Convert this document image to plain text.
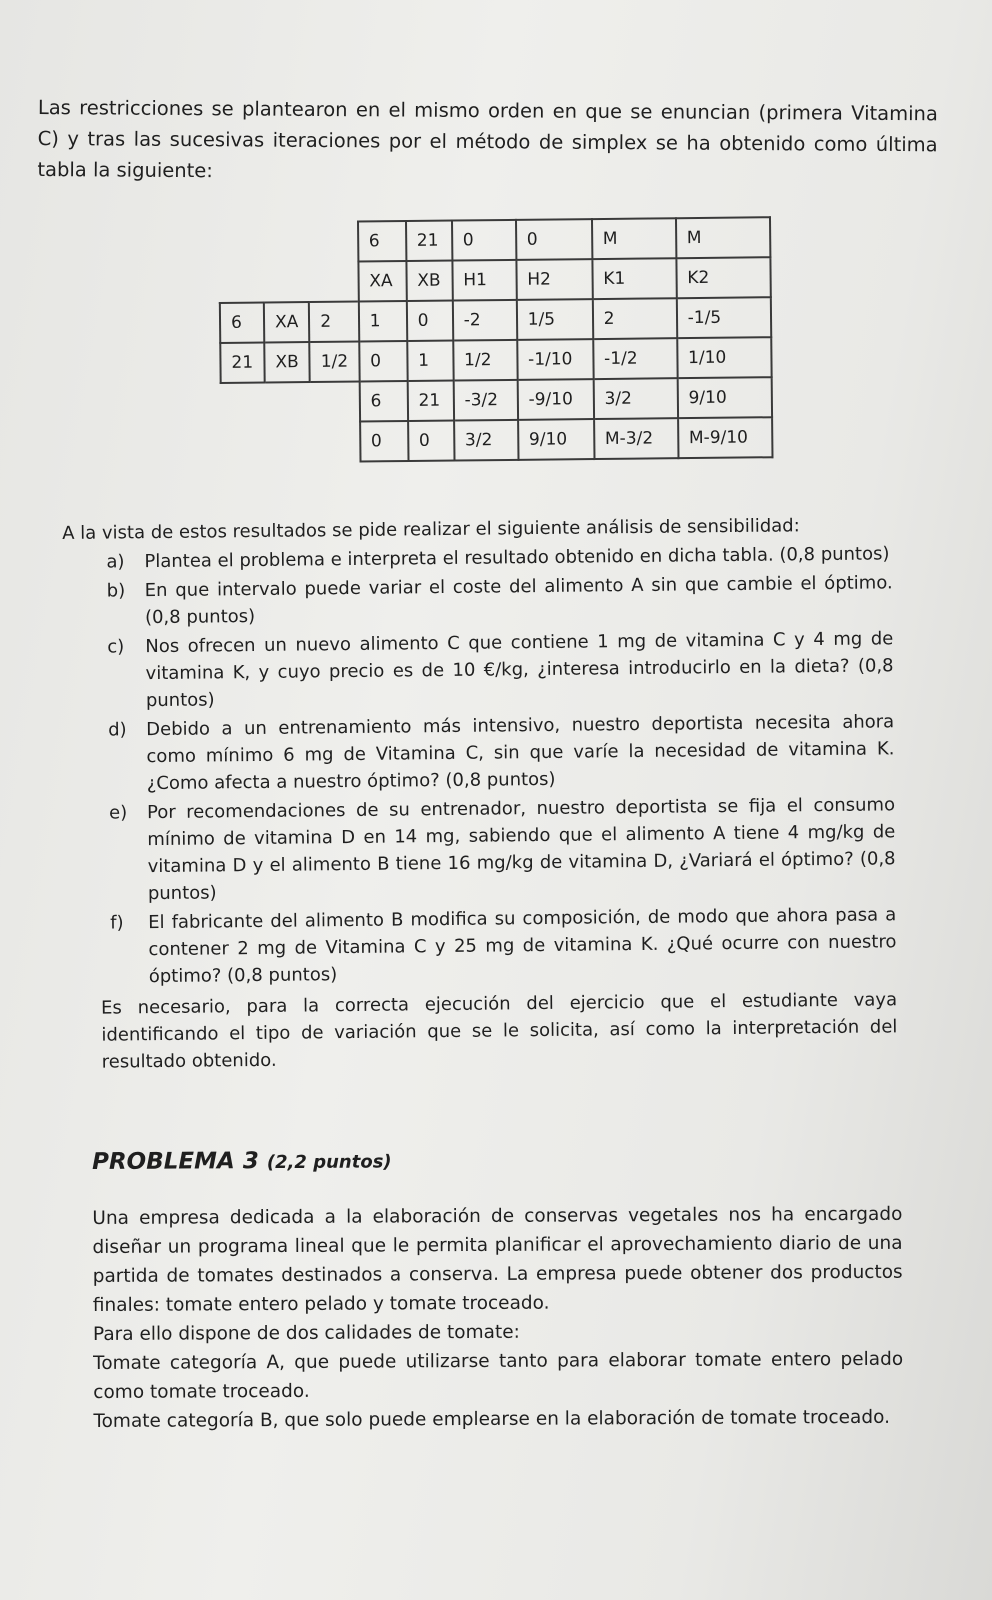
Las restricciones se plantearon en el mismo orden en que se enuncian (primera Vitamina C) y tras las sucesivas iteraciones por el método de simplex se ha obtenido como última tabla la siguiente:

			6	21	0	0	M	M
			XA	XB	H1	H2	K1	K2
6	XA	2	1	0	-2	1/5	2	-1/5
21	XB	1/2	0	1	1/2	-1/10	-1/2	1/10
			6	21	-3/2	-9/10	3/2	9/10
			0	0	3/2	9/10	M-3/2	M-9/10

A la vista de estos resultados se pide realizar el siguiente análisis de sensibilidad:

a) Plantea el problema e interpreta el resultado obtenido en dicha tabla. (0,8 puntos)
b) En que intervalo puede variar el coste del alimento A sin que cambie el óptimo. (0,8 puntos)
c) Nos ofrecen un nuevo alimento C que contiene 1 mg de vitamina C y 4 mg de vitamina K, y cuyo precio es de 10 €/kg, ¿interesa introducirlo en la dieta? (0,8 puntos)
d) Debido a un entrenamiento más intensivo, nuestro deportista necesita ahora como mínimo 6 mg de Vitamina C, sin que varíe la necesidad de vitamina K. ¿Como afecta a nuestro óptimo? (0,8 puntos)
e) Por recomendaciones de su entrenador, nuestro deportista se fija el consumo mínimo de vitamina D en 14 mg, sabiendo que el alimento A tiene 4 mg/kg de vitamina D y el alimento B tiene 16 mg/kg de vitamina D, ¿Variará el óptimo? (0,8 puntos)
f) El fabricante del alimento B modifica su composición, de modo que ahora pasa a contener 2 mg de Vitamina C y 25 mg de vitamina K. ¿Qué ocurre con nuestro óptimo? (0,8 puntos)

Es necesario, para la correcta ejecución del ejercicio que el estudiante vaya identificando el tipo de variación que se le solicita, así como la interpretación del resultado obtenido.

PROBLEMA 3 (2,2 puntos)

Una empresa dedicada a la elaboración de conservas vegetales nos ha encargado diseñar un programa lineal que le permita planificar el aprovechamiento diario de una partida de tomates destinados a conserva. La empresa puede obtener dos productos finales: tomate entero pelado y tomate troceado.

Para ello dispone de dos calidades de tomate:

Tomate categoría A, que puede utilizarse tanto para elaborar tomate entero pelado como tomate troceado.

Tomate categoría B, que solo puede emplearse en la elaboración de tomate troceado.
